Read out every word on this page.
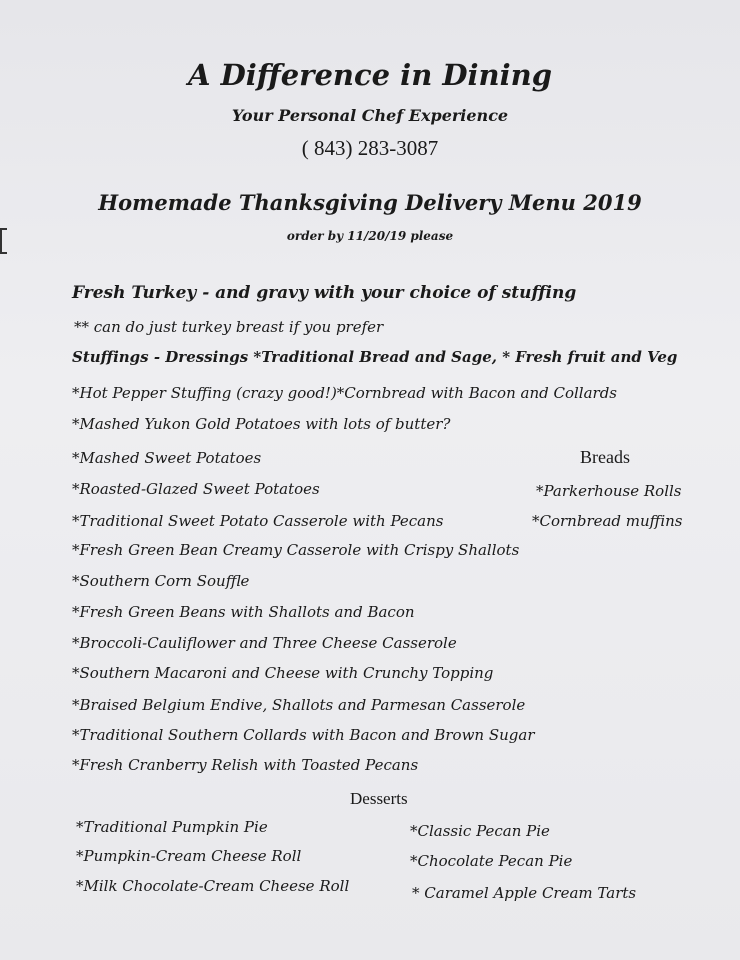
A Difference in Dining
Your Personal Chef Experience
( 843) 283-3087
Homemade Thanksgiving Delivery Menu 2019
order by 11/20/19 please
Fresh Turkey - and gravy with your choice of stuffing
** can do just turkey breast if you prefer
Stuffings - Dressings *Traditional Bread and Sage, * Fresh fruit and Veg
*Hot Pepper Stuffing (crazy good!)*Cornbread with Bacon and Collards
*Mashed Yukon Gold Potatoes with lots of butter?
*Mashed Sweet Potatoes
*Roasted-Glazed Sweet Potatoes
*Traditional Sweet Potato Casserole with Pecans
*Fresh Green Bean Creamy Casserole with Crispy Shallots
*Southern Corn Souffle
*Fresh Green Beans with Shallots and Bacon
*Broccoli-Cauliflower and Three Cheese Casserole
*Southern Macaroni and Cheese with Crunchy Topping
*Braised Belgium Endive, Shallots and Parmesan Casserole
*Traditional Southern Collards with Bacon and Brown Sugar
*Fresh Cranberry Relish with Toasted Pecans
Breads
*Parkerhouse Rolls
*Cornbread muffins
Desserts
*Traditional Pumpkin Pie
*Pumpkin-Cream Cheese Roll
*Milk Chocolate-Cream Cheese Roll
*Classic Pecan Pie
*Chocolate Pecan Pie
* Caramel Apple Cream Tarts
